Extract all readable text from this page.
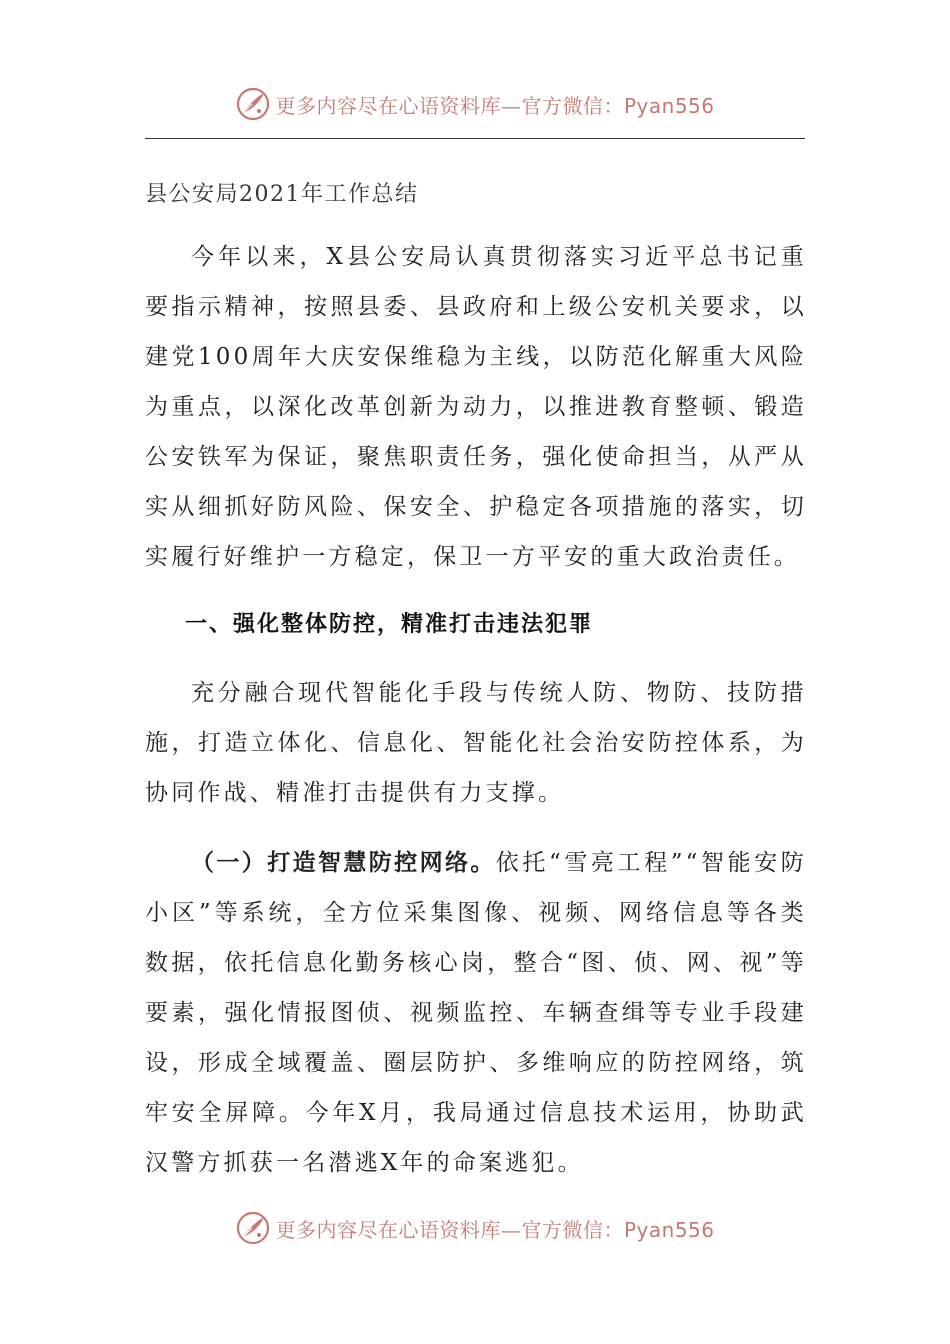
更多内容尽在心语资料库—官方微信：Pyan556
县公安局2021年工作总结

今年以来，X县公安局认真贯彻落实习近平总书记重要指示精神，按照县委、县政府和上级公安机关要求，以建党100周年大庆安保维稳为主线，以防范化解重大风险为重点，以深化改革创新为动力，以推进教育整顿、锻造公安铁军为保证，聚焦职责任务，强化使命担当，从严从实从细抓好防风险、保安全、护稳定各项措施的落实，切实履行好维护一方稳定，保卫一方平安的重大政治责任。

一、强化整体防控，精准打击违法犯罪

充分融合现代智能化手段与传统人防、物防、技防措施，打造立体化、信息化、智能化社会治安防控体系，为协同作战、精准打击提供有力支撑。

（一）打造智慧防控网络。依托“雪亮工程”“智能安防小区”等系统，全方位采集图像、视频、网络信息等各类数据，依托信息化勤务核心岗，整合“图、侦、网、视”等要素，强化情报图侦、视频监控、车辆查缉等专业手段建设，形成全域覆盖、圈层防护、多维响应的防控网络，筑牢安全屏障。今年X月，我局通过信息技术运用，协助武汉警方抓获一名潜逃X年的命案逃犯。

更多内容尽在心语资料库—官方微信：Pyan556
